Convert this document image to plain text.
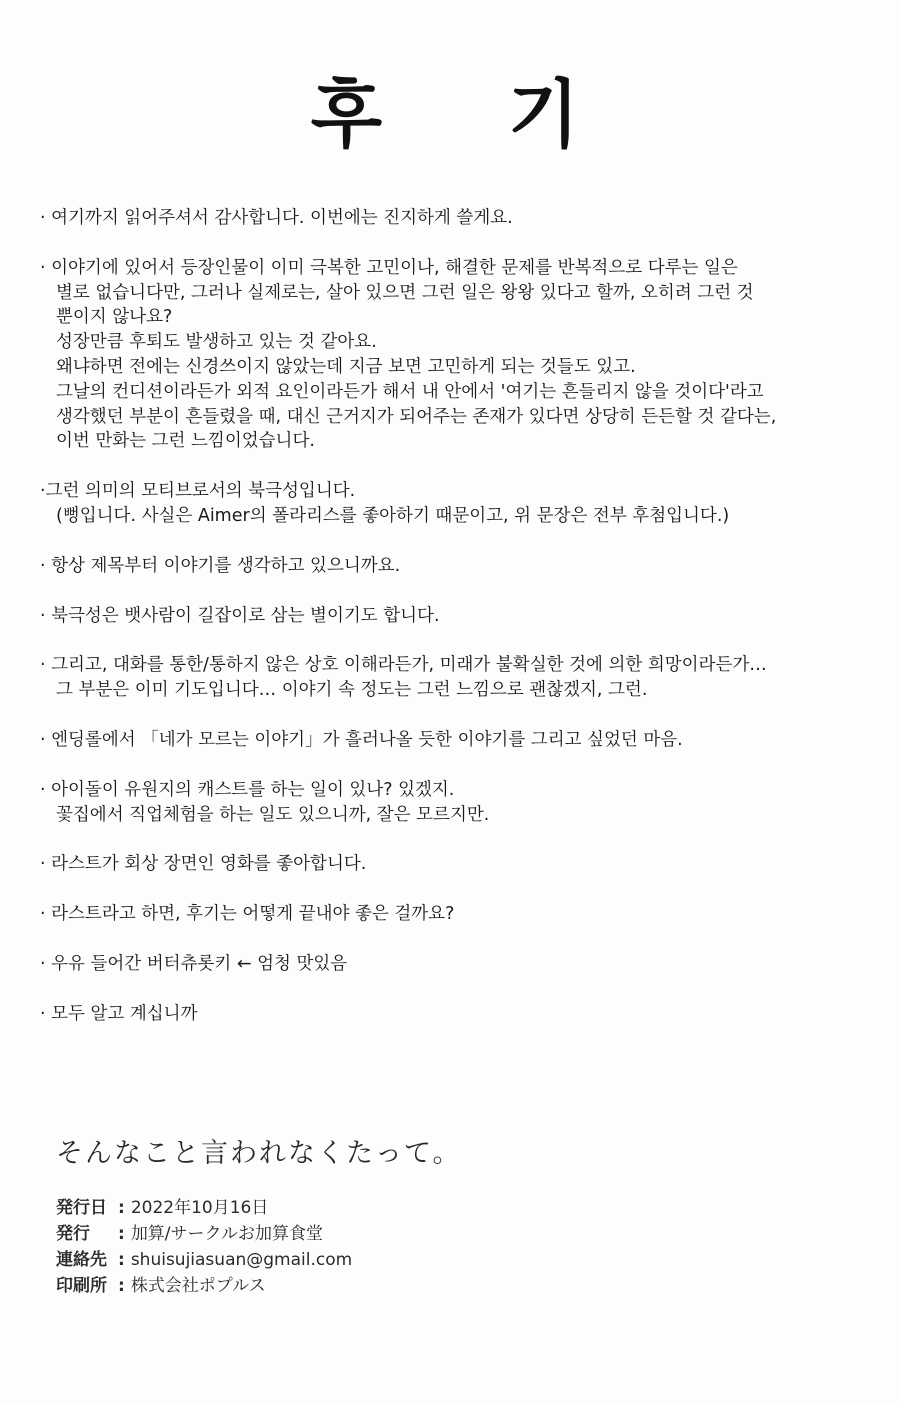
후 기
· 여기까지 읽어주셔서 감사합니다. 이번에는 진지하게 쓸게요.
· 이야기에 있어서 등장인물이 이미 극복한 고민이나, 해결한 문제를 반복적으로 다루는 일은
별로 없습니다만, 그러나 실제로는, 살아 있으면 그런 일은 왕왕 있다고 할까, 오히려 그런 것
뿐이지 않나요?
성장만큼 후퇴도 발생하고 있는 것 같아요.
왜냐하면 전에는 신경쓰이지 않았는데 지금 보면 고민하게 되는 것들도 있고.
그날의 컨디션이라든가 외적 요인이라든가 해서 내 안에서 '여기는 흔들리지 않을 것이다'라고
생각했던 부분이 흔들렸을 때, 대신 근거지가 되어주는 존재가 있다면 상당히 든든할 것 같다는,
이번 만화는 그런 느낌이었습니다.
·그런 의미의 모티브로서의 북극성입니다.
(뻥입니다. 사실은 Aimer의 폴라리스를 좋아하기 때문이고, 위 문장은 전부 후첨입니다.)
· 항상 제목부터 이야기를 생각하고 있으니까요.
· 북극성은 뱃사람이 길잡이로 삼는 별이기도 합니다.
· 그리고, 대화를 통한/통하지 않은 상호 이해라든가, 미래가 불확실한 것에 의한 희망이라든가…
그 부분은 이미 기도입니다… 이야기 속 정도는 그런 느낌으로 괜찮겠지, 그런.
· 엔딩롤에서 「네가 모르는 이야기」가 흘러나올 듯한 이야기를 그리고 싶었던 마음.
· 아이돌이 유원지의 캐스트를 하는 일이 있나? 있겠지.
꽃집에서 직업체험을 하는 일도 있으니까, 잘은 모르지만.
· 라스트가 회상 장면인 영화를 좋아합니다.
· 라스트라고 하면, 후기는 어떻게 끝내야 좋은 걸까요?
· 우유 들어간 버터츄롯키 ← 엄청 맛있음
· 모두 알고 계십니까
そんなこと言われなくたって。
発行日 : 2022年10月16日
発行 : 加算/サークルお加算食堂
連絡先 : shuisujiasuan@gmail.com
印刷所 : 株式会社ポプルス
